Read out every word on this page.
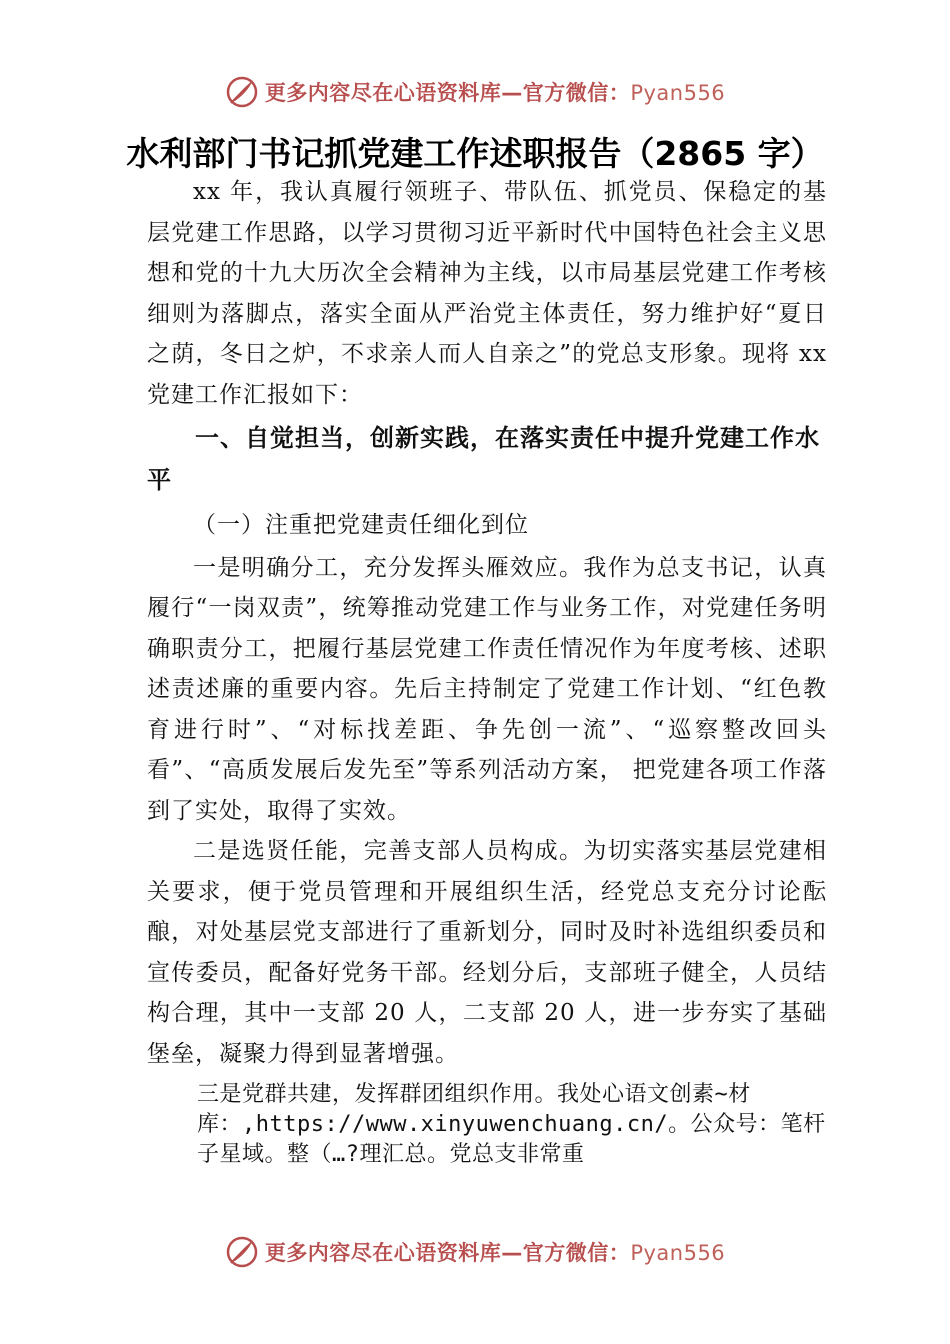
更多内容尽在心语资料库—官方微信：Pyan556
水利部门书记抓党建工作述职报告（2865 字）

xx 年，我认真履行领班子、带队伍、抓党员、保稳定的基层党建工作思路，以学习贯彻习近平新时代中国特色社会主义思想和党的十九大历次全会精神为主线，以市局基层党建工作考核细则为落脚点，落实全面从严治党主体责任，努力维护好“夏日之荫，冬日之炉，不求亲人而人自亲之”的党总支形象。现将 xx 党建工作汇报如下：

一、自觉担当，创新实践，在落实责任中提升党建工作水平

（一）注重把党建责任细化到位

一是明确分工，充分发挥头雁效应。我作为总支书记，认真履行“一岗双责”，统筹推动党建工作与业务工作，对党建任务明确职责分工，把履行基层党建工作责任情况作为年度考核、述职述责述廉的重要内容。先后主持制定了党建工作计划、“红色教育进行时”、“对标找差距、争先创一流”、“巡察整改回头看”、“高质发展后发先至”等系列活动方案， 把党建各项工作落到了实处，取得了实效。

二是选贤任能，完善支部人员构成。为切实落实基层党建相关要求，便于党员管理和开展组织生活，经党总支充分讨论酝酿，对处基层党支部进行了重新划分，同时及时补选组织委员和宣传委员，配备好党务干部。经划分后，支部班子健全，人员结构合理，其中一支部 20 人，二支部 20 人，进一步夯实了基础堡垒，凝聚力得到显著增强。

三是党群共建，发挥群团组织作用。我处心语文创素~材库：,https://www.xinyuwenchuang.cn/。公众号：笔杆子星域。整（…?理汇总。党总支非常重

更多内容尽在心语资料库—官方微信：Pyan556
